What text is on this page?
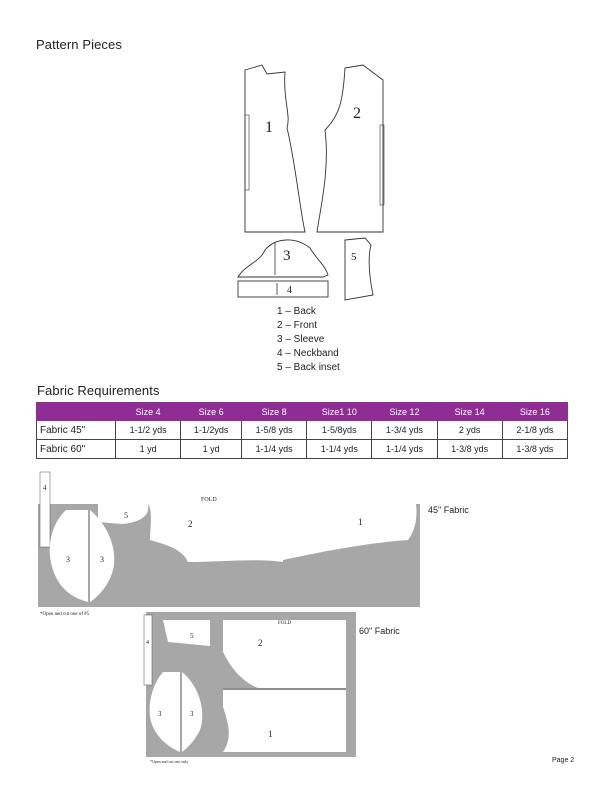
Pattern Pieces
1
2
3
4
5
1 – Back
2 – Front
3 – Sleeve
4 – Neckband
5 – Back inset
Fabric Requirements
	Size 4	Size 6	Size 8	Size1 10	Size 12	Size 14	Size 16
Fabric 45"	1-1/2 yds	1-1/2yds	1-5/8 yds	1-5/8yds	1-3/4 yds	2 yds	2-1/8 yds
Fabric 60"	1 yd	1 yd	1-1/4 yds	1-1/4 yds	1-1/4 yds	1-3/8 yds	1-3/8 yds
4
5
2	1
3	3
FOLD
*Open and cut one of #5
45" Fabric
4
5
2
3	3
1
FOLD
*Open and cut one only
60" Fabric
Page 2
